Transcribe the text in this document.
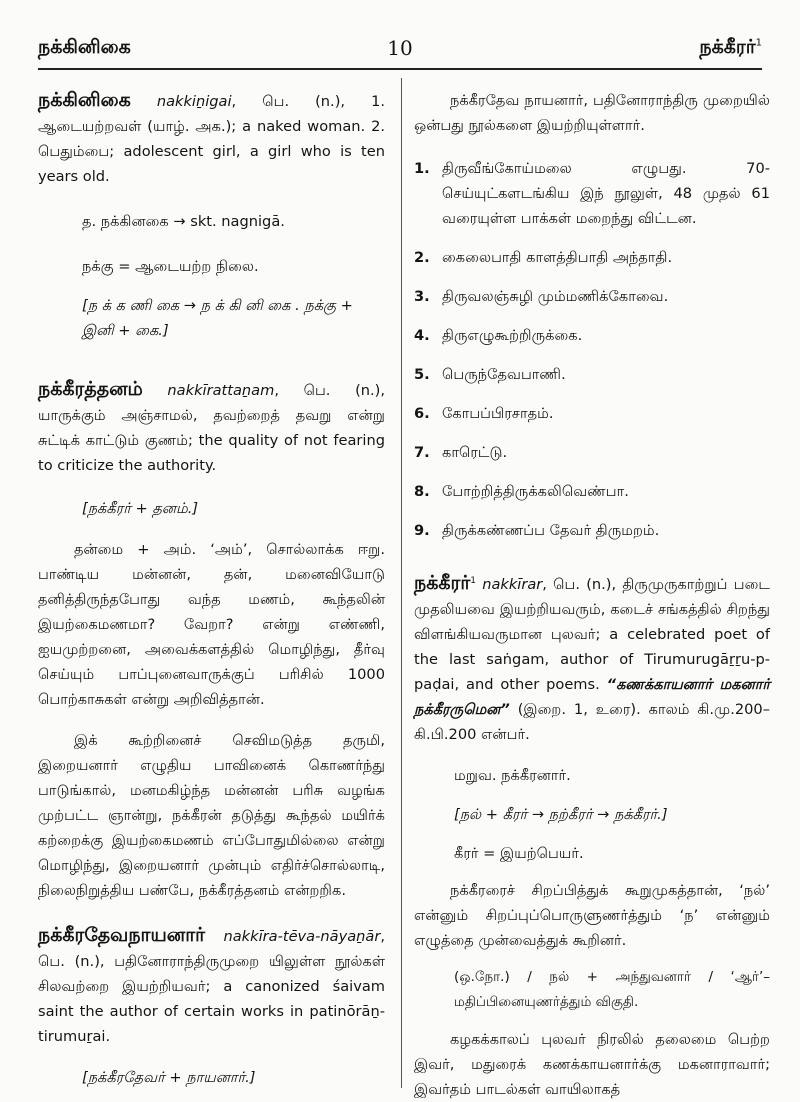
நக்கினிகை	10	நக்கீரர்$^1$

நக்கினிகை nakkiṉigai, பெ. (n.), 1. ஆடையற்றவள் (யாழ். அக.); a naked woman. 2. பெதும்பை; adolescent girl, a girl who is ten years old.

த. நக்கினகை → skt. nagnigā.

நக்கு = ஆடையற்ற நிலை.

[ந க் க ணி கை → ந க் கி னி கை . நக்கு + இனி + கை.]

நக்கீரத்தனம் nakkīrattaṉam, பெ. (n.), யாருக்கும் அஞ்சாமல், தவற்றைத் தவறு என்று சுட்டிக் காட்டும் குணம்; the quality of not fearing to criticize the authority.

[நக்கீரர் + தனம்.]

தன்மை + அம். ‘அம்’, சொல்லாக்க ஈறு. பாண்டிய மன்னன், தன், மனைவியோடு தனித்திருந்தபோது வந்த மணம், கூந்தலின் இயற்கைமணமா? வேறா? என்று எண்ணி, ஐயமுற்றனை, அவைக்களத்தில் மொழிந்து, தீர்வு செய்யும் பாப்புனைவாருக்குப் பரிசில் 1000 பொற்காசுகள் என்று அறிவித்தான்.

இக் கூற்றினைச் செவிமடுத்த தருமி, இறையனார் எழுதிய பாவினைக் கொணர்ந்து பாடுங்கால், மனமகிழ்ந்த மன்னன் பரிசு வழங்க முற்பட்ட ஞான்று, நக்கீரன் தடுத்து கூந்தல் மயிர்க் கற்றைக்கு இயற்கைமணம் எப்போதுமில்லை என்று மொழிந்து, இறையனார் முன்பும் எதிர்ச்சொல்லாடி, நிலைநிறுத்திய பண்பே, நக்கீரத்தனம் என்றறிக.

நக்கீரதேவநாயனார் nakkīra-tēva-nāyaṉār, பெ. (n.), பதினோராந்திருமுறை யிலுள்ள நூல்கள் சிலவற்றை இயற்றியவர்; a canonized śaivam saint the author of certain works in patinōrāṉ-tirumuṟai.

[நக்கீரதேவர் + நாயனார்.]

நக்கீரதேவ நாயனார், பதினோராந்திரு முறையில் ஒன்பது நூல்களை இயற்றியுள்ளார்.

1. திருவீங்கோய்மலை எழுபது. 70- செய்யுட்களடங்கிய இந் நூலுள், 48 முதல் 61 வரையுள்ள பாக்கள் மறைந்து விட்டன.
2. கைலைபாதி காளத்திபாதி அந்தாதி.
3. திருவலஞ்சுழி மும்மணிக்கோவை.
4. திருஎழுகூற்றிருக்கை.
5. பெருந்தேவபாணி.
6. கோபப்பிரசாதம்.
7. காரெட்டு.
8. போற்றித்திருக்கலிவெண்பா.
9. திருக்கண்ணப்ப தேவர் திருமறம்.

நக்கீரர்$^1$ nakkīrar, பெ. (n.), திருமுருகாற்றுப் படை முதலியவை இயற்றியவரும், கடைச் சங்கத்தில் சிறந்து விளங்கியவருமான புலவர்; a celebrated poet of the last saṅgam, author of Tirumurugāṟṟu-p-paḍai, and other poems. “கணக்காயனார் மகனார் நக்கீரருமென” (இறை. 1, உரை). காலம் கி.மு.200–கி.பி.200 என்பர்.

மறுவ. நக்கீரனார்.

[நல் + கீரர் → நற்கீரர் → நக்கீரர்.]

கீரர் = இயற்பெயர்.

நக்கீரரைச் சிறப்பித்துக் கூறுமுகத்தான், ‘நல்’ என்னும் சிறப்புப்பொருளுணர்த்தும் ‘ந’ என்னும் எழுத்தை முன்வைத்துக் கூறினர்.

(ஒ.நோ.) / நல் + அந்துவனார் / ‘ஆர்’– மதிப்பினையுணர்த்தும் விகுதி.

கழகக்காலப் புலவர் நிரலில் தலைமை பெற்ற இவர், மதுரைக் கணக்காயனார்க்கு மகனாராவார்; இவர்தம் பாடல்கள் வாயிலாகத்
